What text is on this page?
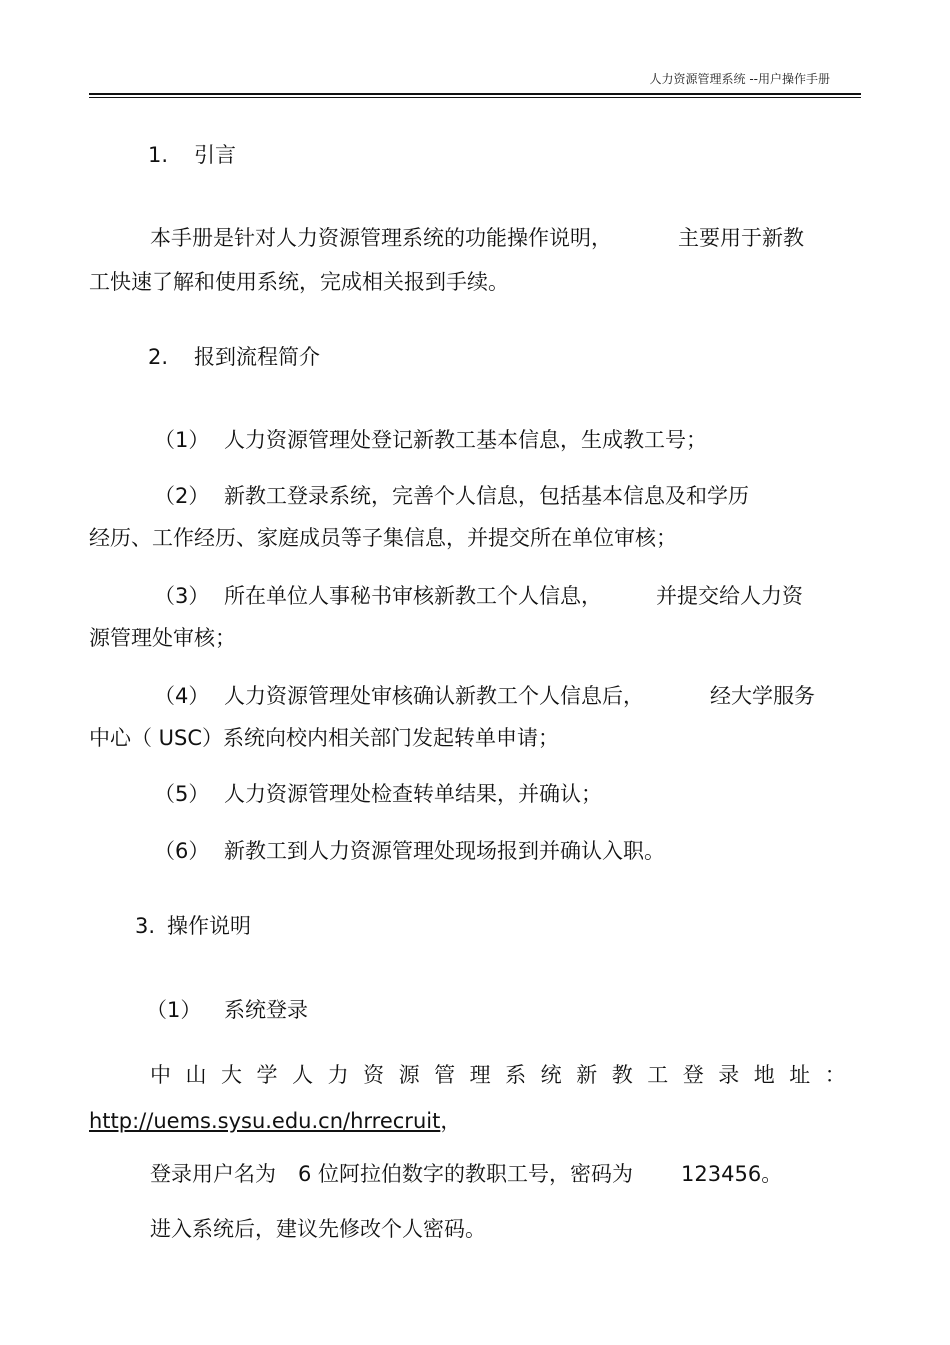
人力资源管理系统 --用户操作手册
1. 引言
本手册是针对人力资源管理系统的功能操作说明，	主要用于新教
工快速了解和使用系统，完成相关报到手续。
2. 报到流程简介
（1） 人力资源管理处登记新教工基本信息，生成教工号；
（2） 新教工登录系统，完善个人信息，包括基本信息及和学历
经历、工作经历、家庭成员等子集信息，并提交所在单位审核；
（3） 所在单位人事秘书审核新教工个人信息，	并提交给人力资
源管理处审核；
（4） 人力资源管理处审核确认新教工个人信息后，	经大学服务
中心（ USC）系统向校内相关部门发起转单申请；
（5） 人力资源管理处检查转单结果，并确认；
（6） 新教工到人力资源管理处现场报到并确认入职。
3. 操作说明
（1） 系统登录
中 山 大 学 人 力 资 源 管 理 系 统 新 教 工 登 录 地 址 ：
http://uems.sysu.edu.cn/hrrecruit，
登录用户名为 6 位阿拉伯数字的教职工号，密码为 123456。
进入系统后，建议先修改个人密码。
